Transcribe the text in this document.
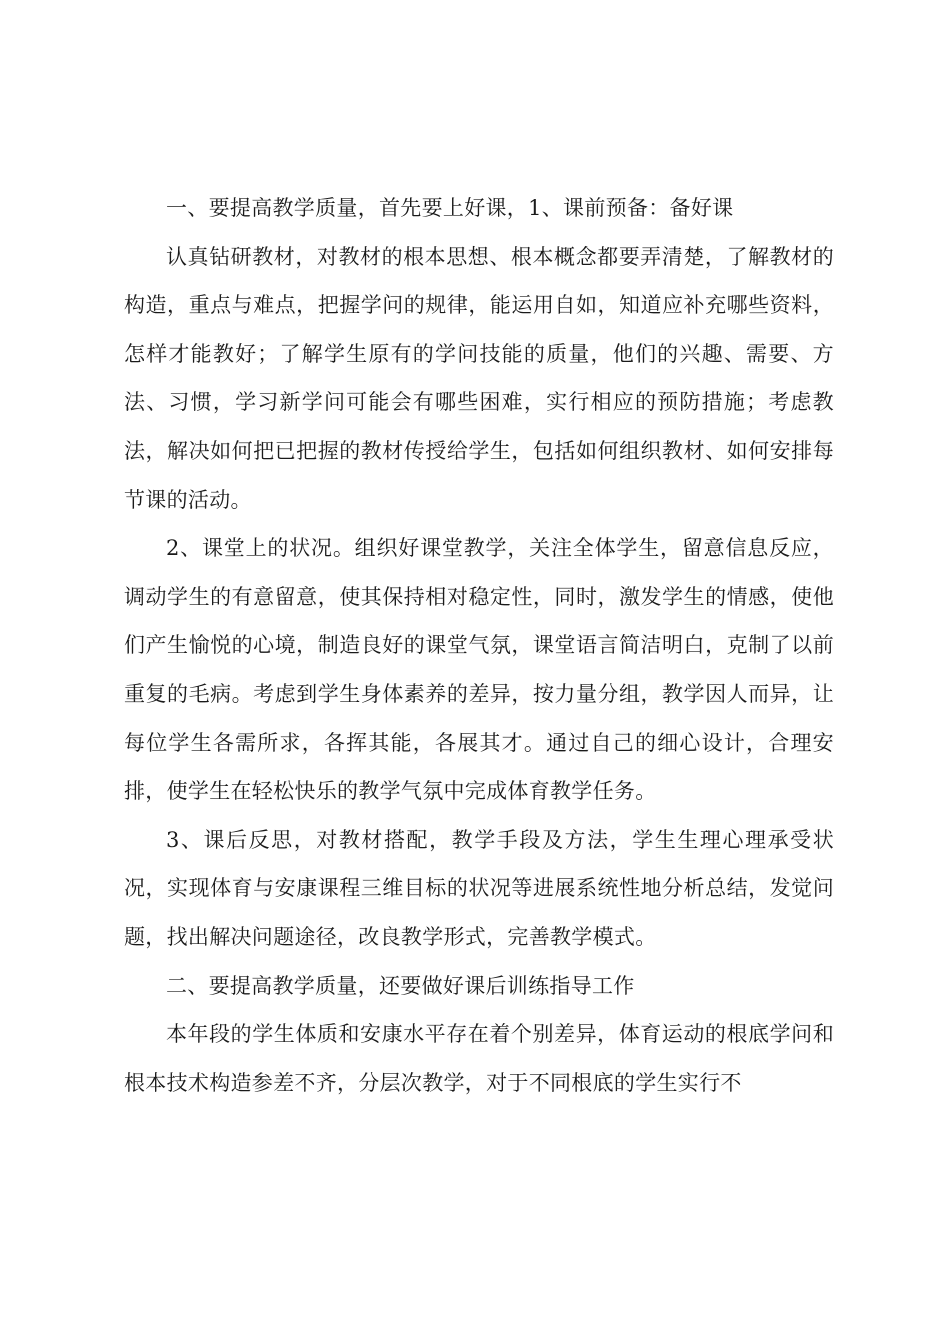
一、要提高教学质量，首先要上好课，1、课前预备：备好课

认真钻研教材，对教材的根本思想、根本概念都要弄清楚，了解教材的构造，重点与难点，把握学问的规律，能运用自如，知道应补充哪些资料，怎样才能教好；了解学生原有的学问技能的质量，他们的兴趣、需要、方法、习惯，学习新学问可能会有哪些困难，实行相应的预防措施；考虑教法，解决如何把已把握的教材传授给学生，包括如何组织教材、如何安排每节课的活动。

2、课堂上的状况。组织好课堂教学，关注全体学生，留意信息反应，调动学生的有意留意，使其保持相对稳定性，同时，激发学生的情感，使他们产生愉悦的心境，制造良好的课堂气氛，课堂语言简洁明白，克制了以前重复的毛病。考虑到学生身体素养的差异，按力量分组，教学因人而异，让每位学生各需所求，各挥其能，各展其才。通过自己的细心设计，合理安排，使学生在轻松快乐的教学气氛中完成体育教学任务。

3、课后反思，对教材搭配，教学手段及方法，学生生理心理承受状况，实现体育与安康课程三维目标的状况等进展系统性地分析总结，发觉问题，找出解决问题途径，改良教学形式，完善教学模式。

二、要提高教学质量，还要做好课后训练指导工作

本年段的学生体质和安康水平存在着个别差异，体育运动的根底学问和根本技术构造参差不齐，分层次教学，对于不同根底的学生实行不
